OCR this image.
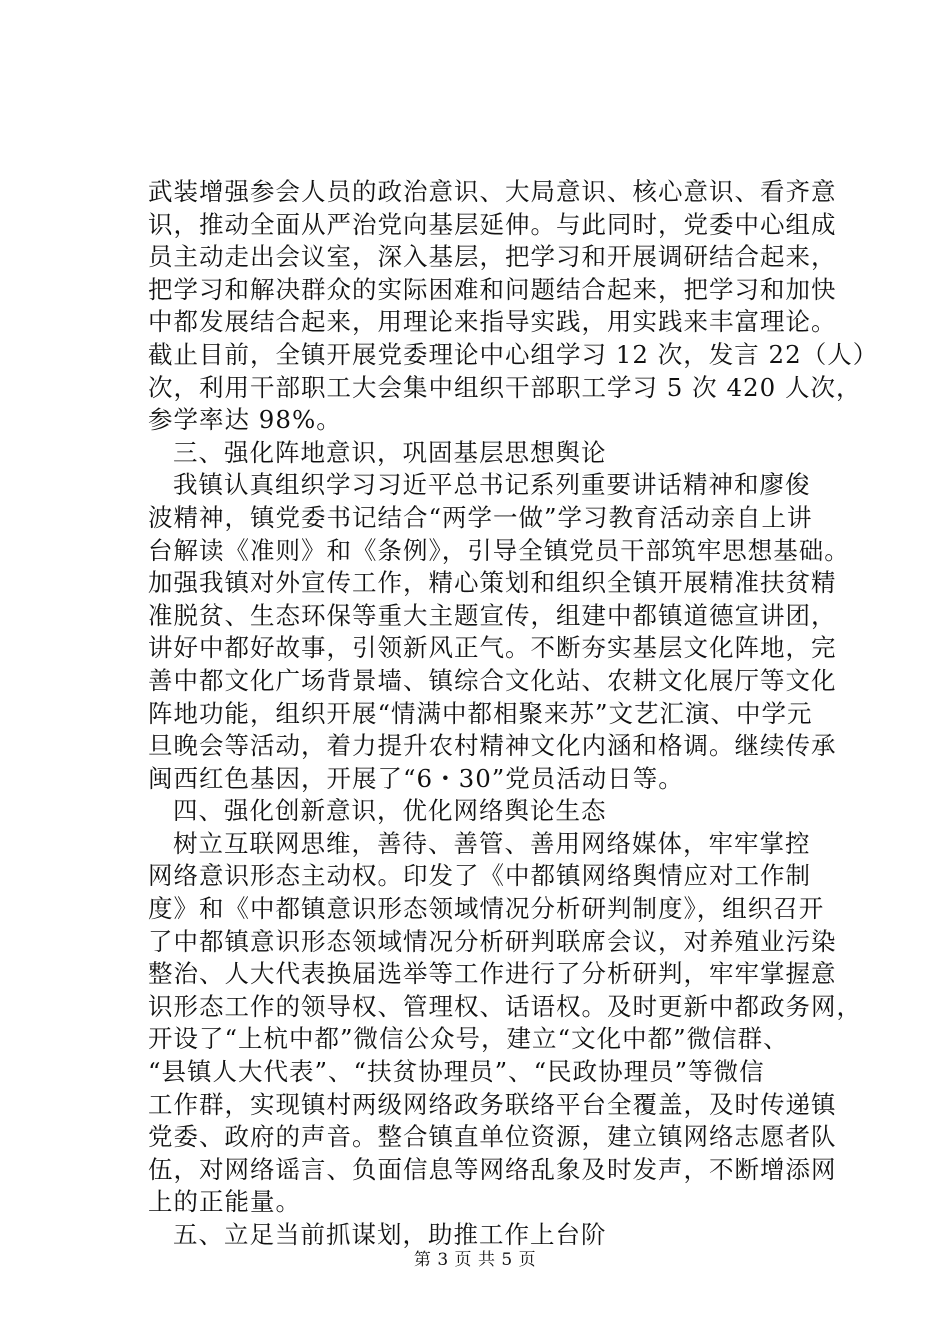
武装增强参会人员的政治意识、大局意识、核心意识、看齐意
识，推动全面从严治党向基层延伸。与此同时，党委中心组成
员主动走出会议室，深入基层，把学习和开展调研结合起来，
把学习和解决群众的实际困难和问题结合起来，把学习和加快
中都发展结合起来，用理论来指导实践，用实践来丰富理论。
截止目前，全镇开展党委理论中心组学习 12 次，发言 22（人）
次，利用干部职工大会集中组织干部职工学习 5 次 420 人次，
参学率达 98%。
三、强化阵地意识，巩固基层思想舆论
我镇认真组织学习习近平总书记系列重要讲话精神和廖俊
波精神，镇党委书记结合“两学一做”学习教育活动亲自上讲
台解读《准则》和《条例》，引导全镇党员干部筑牢思想基础。
加强我镇对外宣传工作，精心策划和组织全镇开展精准扶贫精
准脱贫、生态环保等重大主题宣传，组建中都镇道德宣讲团，
讲好中都好故事，引领新风正气。不断夯实基层文化阵地，完
善中都文化广场背景墙、镇综合文化站、农耕文化展厅等文化
阵地功能，组织开展“情满中都相聚来苏”文艺汇演、中学元
旦晚会等活动，着力提升农村精神文化内涵和格调。继续传承
闽西红色基因，开展了“6・30”党员活动日等。
四、强化创新意识，优化网络舆论生态
树立互联网思维，善待、善管、善用网络媒体，牢牢掌控
网络意识形态主动权。印发了《中都镇网络舆情应对工作制
度》和《中都镇意识形态领域情况分析研判制度》，组织召开
了中都镇意识形态领域情况分析研判联席会议，对养殖业污染
整治、人大代表换届选举等工作进行了分析研判，牢牢掌握意
识形态工作的领导权、管理权、话语权。及时更新中都政务网，
开设了“上杭中都”微信公众号，建立“文化中都”微信群、
“县镇人大代表”、“扶贫协理员”、“民政协理员”等微信
工作群，实现镇村两级网络政务联络平台全覆盖，及时传递镇
党委、政府的声音。整合镇直单位资源，建立镇网络志愿者队
伍，对网络谣言、负面信息等网络乱象及时发声，不断增添网
上的正能量。
五、立足当前抓谋划，助推工作上台阶
第 3 页 共 5 页
